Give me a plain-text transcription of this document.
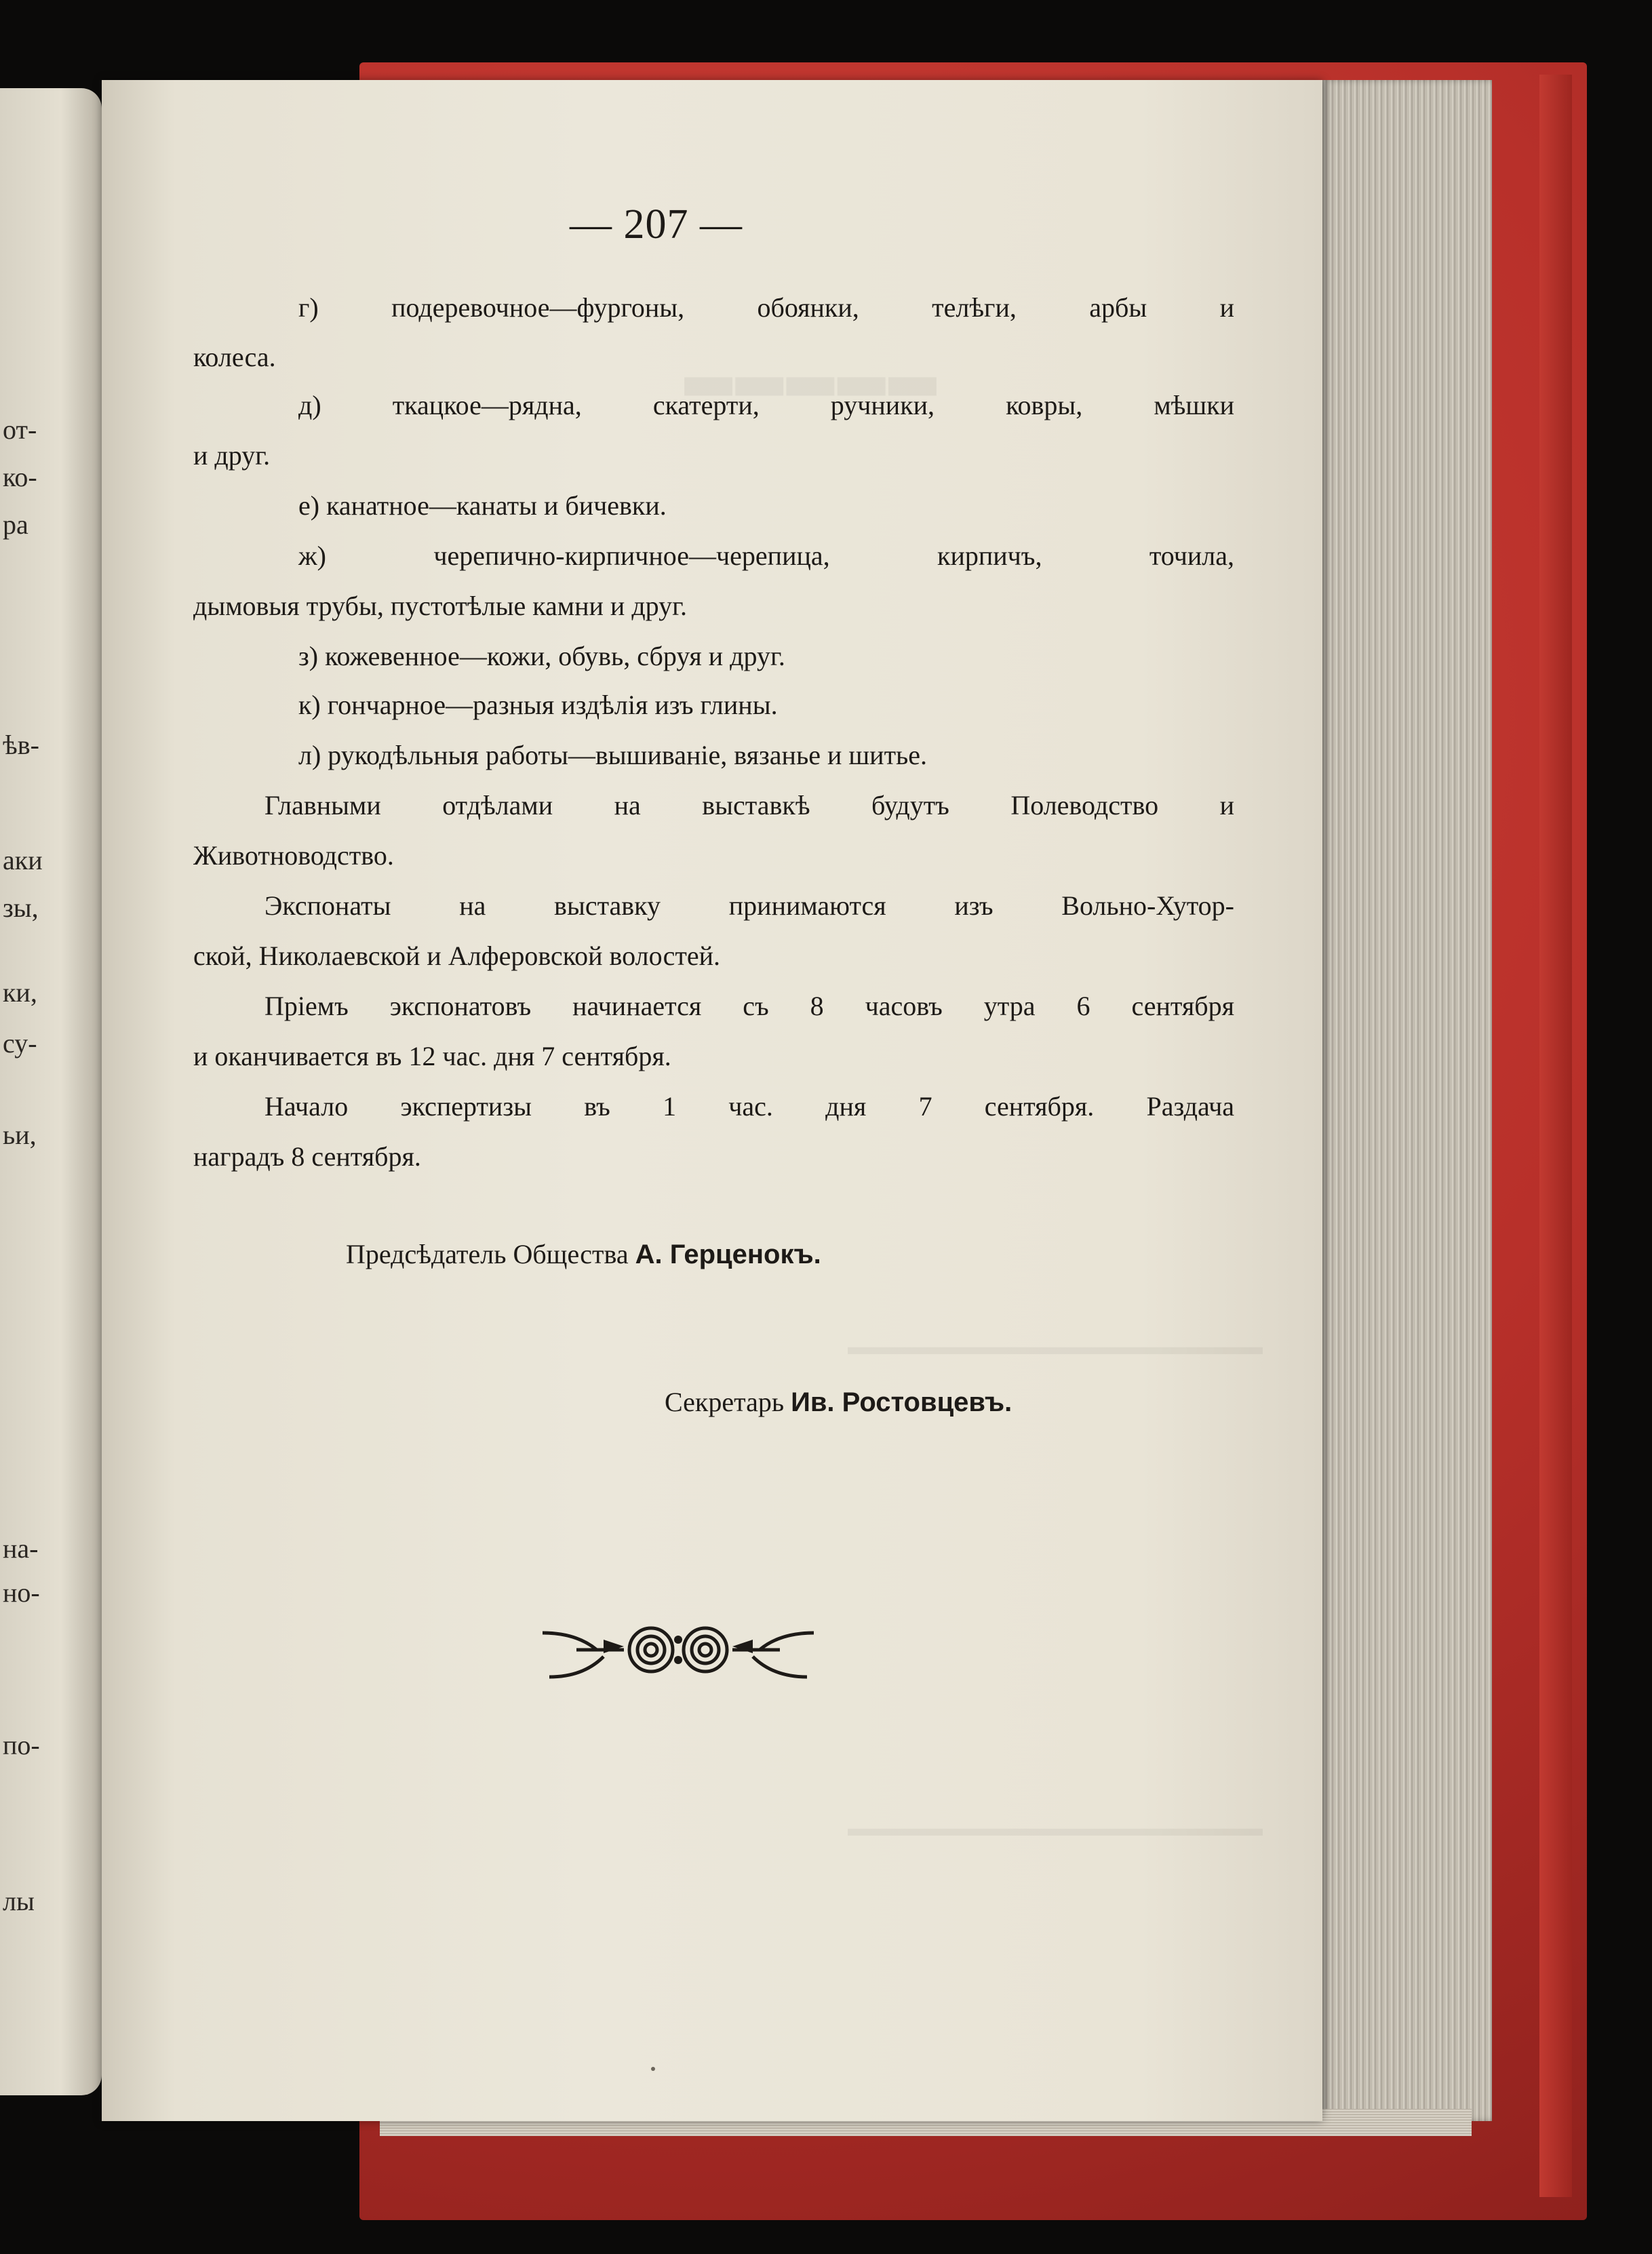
от-
ко-
ра
ѣв-
аки
зы,
ки,
су-
ьи,
на-
но-
по-
лы
— 207 —
г) подеревочное—фургоны, обоянки, телѣги, арбы и
колеса.
д) ткацкое—рядна, скатерти, ручники, ковры, мѣшки
и друг.
е) канатное—канаты и бичевки.
ж) черепично-кирпичное—черепица, кирпичъ, точила,
дымовыя трубы, пустотѣлые камни и друг.
з) кожевенное—кожи, обувь, сбруя и друг.
к) гончарное—разныя издѣлія изъ глины.
л) рукодѣльныя работы—вышиваніе, вязанье и шитье.
Главными отдѣлами на выставкѣ будутъ Полеводство и
Животноводство.
Экспонаты на выставку принимаются изъ Вольно-Хутор-
ской, Николаевской и Алферовской волостей.
Пріемъ экспонатовъ начинается съ 8 часовъ утра 6 сентября
и оканчивается въ 12 час. дня 7 сентября.
Начало экспертизы въ 1 час. дня 7 сентября. Раздача
наградъ 8 сентября.
Предсѣдатель Общества А. Герценокъ.
Секретарь Ив. Ростовцевъ.
▂▂▂▂▂
▬▬▬▬▬▬▬▬▬▬▬▬▬▬▬▬▬▬
▬▬▬▬▬▬▬▬▬▬▬▬▬▬▬▬▬▬
